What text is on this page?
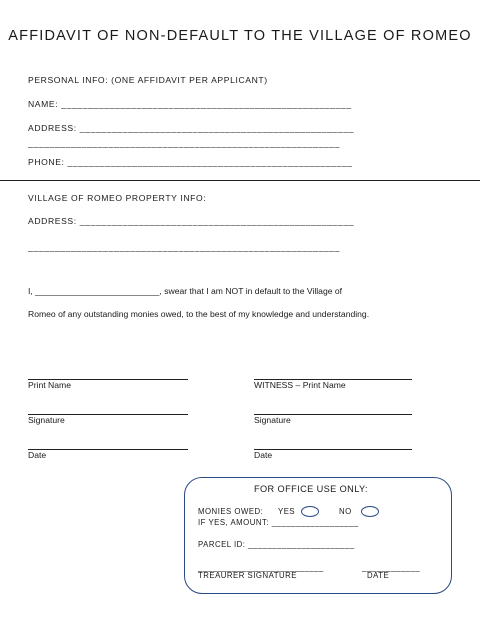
AFFIDAVIT OF NON-DEFAULT TO THE VILLAGE OF ROMEO
PERSONAL INFO: (ONE AFFIDAVIT PER APPLICANT)
NAME: ______________________________________________________
ADDRESS: ___________________________________________________
__________________________________________________________
PHONE: _____________________________________________________
VILLAGE OF ROMEO PROPERTY INFO:
ADDRESS: ___________________________________________________
__________________________________________________________
I, __________________________, swear that I am NOT in default to the Village of
Romeo of any outstanding monies owed, to the best of my knowledge and understanding.
Print Name	WITNESS – Print Name
Signature	Signature
Date	Date
FOR OFFICE USE ONLY:
MONIES OWED: YES	NO
IF YES, AMOUNT: __________________
PARCEL ID: ______________________
__________________________	____________
TREAURER SIGNATURE	DATE
